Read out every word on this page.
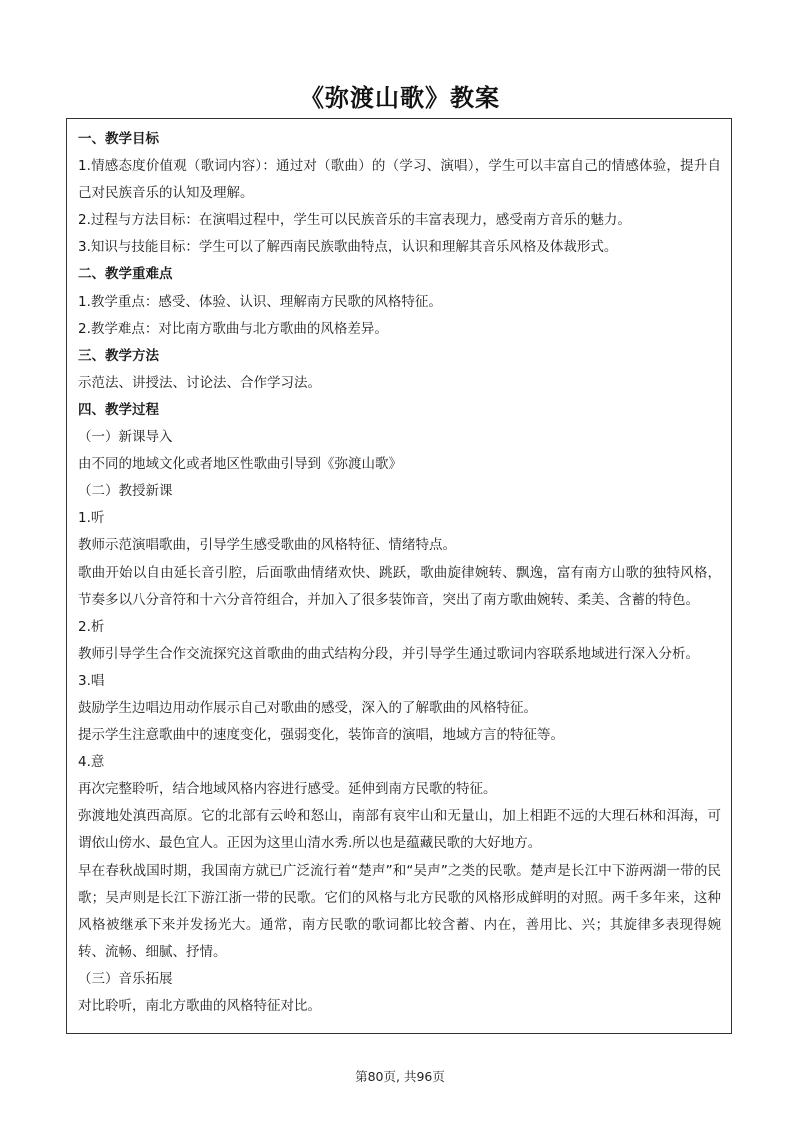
《弥渡山歌》教案
一、教学目标
1.情感态度价值观（歌词内容）：通过对（歌曲）的（学习、演唱），学生可以丰富自己的情感体验，提升自己对民族音乐的认知及理解。
2.过程与方法目标：在演唱过程中，学生可以民族音乐的丰富表现力，感受南方音乐的魅力。
3.知识与技能目标：学生可以了解西南民族歌曲特点，认识和理解其音乐风格及体裁形式。
二、教学重难点
1.教学重点：感受、体验、认识、理解南方民歌的风格特征。
2.教学难点：对比南方歌曲与北方歌曲的风格差异。
三、教学方法
示范法、讲授法、讨论法、合作学习法。
四、教学过程
（一）新课导入
由不同的地域文化或者地区性歌曲引导到《弥渡山歌》
（二）教授新课
1.听
教师示范演唱歌曲，引导学生感受歌曲的风格特征、情绪特点。
歌曲开始以自由延长音引腔，后面歌曲情绪欢快、跳跃，歌曲旋律婉转、飘逸，富有南方山歌的独特风格，节奏多以八分音符和十六分音符组合，并加入了很多装饰音，突出了南方歌曲婉转、柔美、含蓄的特色。
2.析
教师引导学生合作交流探究这首歌曲的曲式结构分段，并引导学生通过歌词内容联系地域进行深入分析。
3.唱
鼓励学生边唱边用动作展示自己对歌曲的感受，深入的了解歌曲的风格特征。
提示学生注意歌曲中的速度变化，强弱变化，装饰音的演唱，地域方言的特征等。
4.意
再次完整聆听，结合地域风格内容进行感受。延伸到南方民歌的特征。
弥渡地处滇西高原。它的北部有云岭和怒山，南部有哀牢山和无量山，加上相距不远的大理石林和洱海，可谓依山傍水、最色宜人。正因为这里山清水秀.所以也是蕴藏民歌的大好地方。
早在春秋战国时期，我国南方就已广泛流行着“楚声”和“吴声”之类的民歌。楚声是长江中下游两湖一带的民歌；吴声则是长江下游江浙一带的民歌。它们的风格与北方民歌的风格形成鲜明的对照。两千多年来，这种风格被继承下来并发扬光大。通常，南方民歌的歌词都比较含蓄、内在，善用比、兴；其旋律多表现得婉转、流畅、细腻、抒情。
（三）音乐拓展
对比聆听，南北方歌曲的风格特征对比。
第80页, 共96页
